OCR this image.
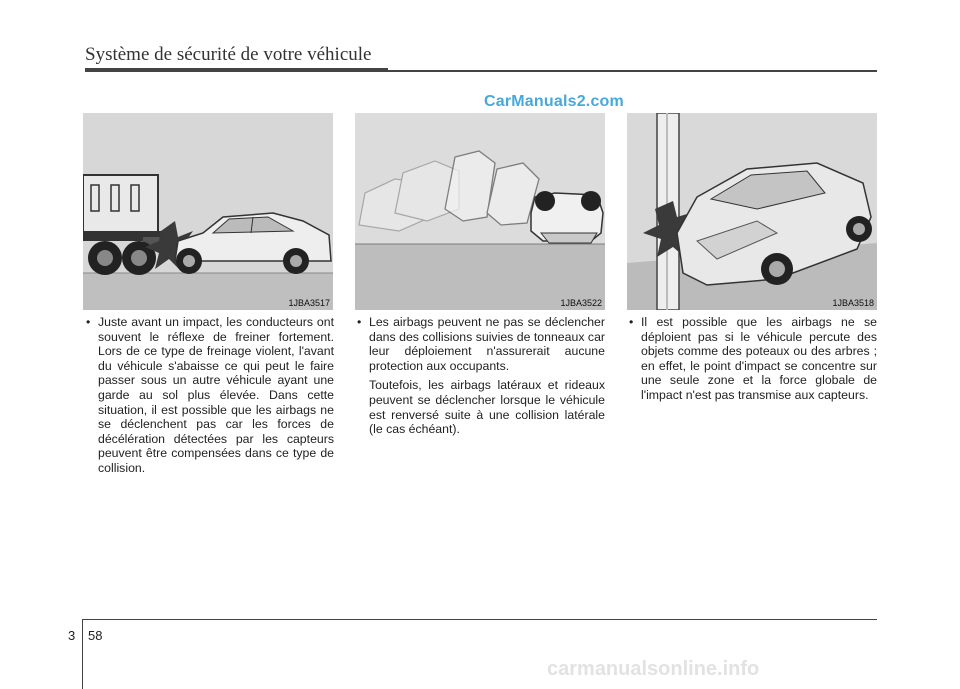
Système de sécurité de votre véhicule
CarManuals2.com
1JBA3517	1JBA3522	1JBA3518
• Juste avant un impact, les conducteurs ont souvent le réflexe de freiner fortement. Lors de ce type de freinage violent, l'avant du véhicule s'abaisse ce qui peut le faire passer sous un autre véhicule ayant une garde au sol plus élevée. Dans cette situation, il est possible que les airbags ne se déclenchent pas car les forces de décélération détectées par les capteurs peuvent être compensées dans ce type de collision.
• Les airbags peuvent ne pas se déclencher dans des collisions suivies de tonneaux car leur déploiement n'assurerait aucune protection aux occupants.
Toutefois, les airbags latéraux et rideaux peuvent se déclencher lorsque le véhicule est renversé suite à une collision latérale (le cas échéant).
• Il est possible que les airbags ne se déploient pas si le véhicule percute des objets comme des poteaux ou des arbres ; en effet, le point d'impact se concentre sur une seule zone et la force globale de l'impact n'est pas transmise aux capteurs.
3 58
carmanualsonline.info
